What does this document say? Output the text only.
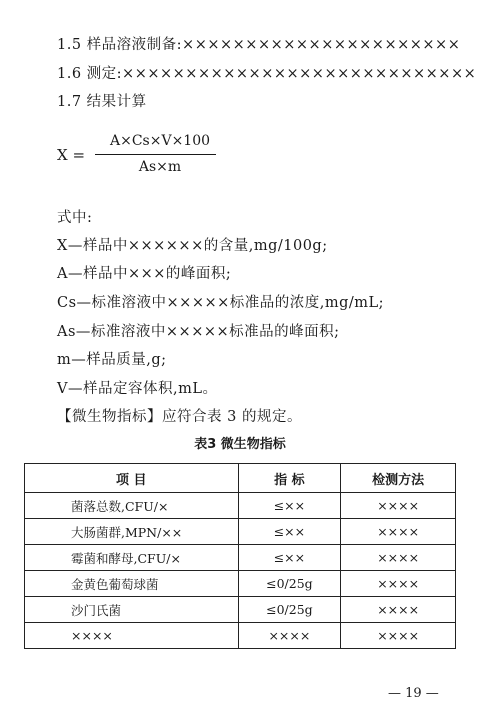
1.5 样品溶液制备:××××××××××××××××××××××
1.6 测定:××××××××××××××××××××××××××××
1.7 结果计算
X =
A×Cs×V×100
As×m
式中:
X—样品中××××××的含量,mg/100g;
A—样品中×××的峰面积;
Cs—标准溶液中×××××标准品的浓度,mg/mL;
As—标准溶液中×××××标准品的峰面积;
m—样品质量,g;
V—样品定容体积,mL。
【微生物指标】应符合表 3 的规定。
表3 微生物指标
项 目	指 标	检测方法
菌落总数,CFU/×	≤××	××××
大肠菌群,MPN/××	≤××	××××
霉菌和酵母,CFU/×	≤××	××××
金黄色葡萄球菌	≤0/25g	××××
沙门氏菌	≤0/25g	××××
××××	××××	××××
— 19 —
